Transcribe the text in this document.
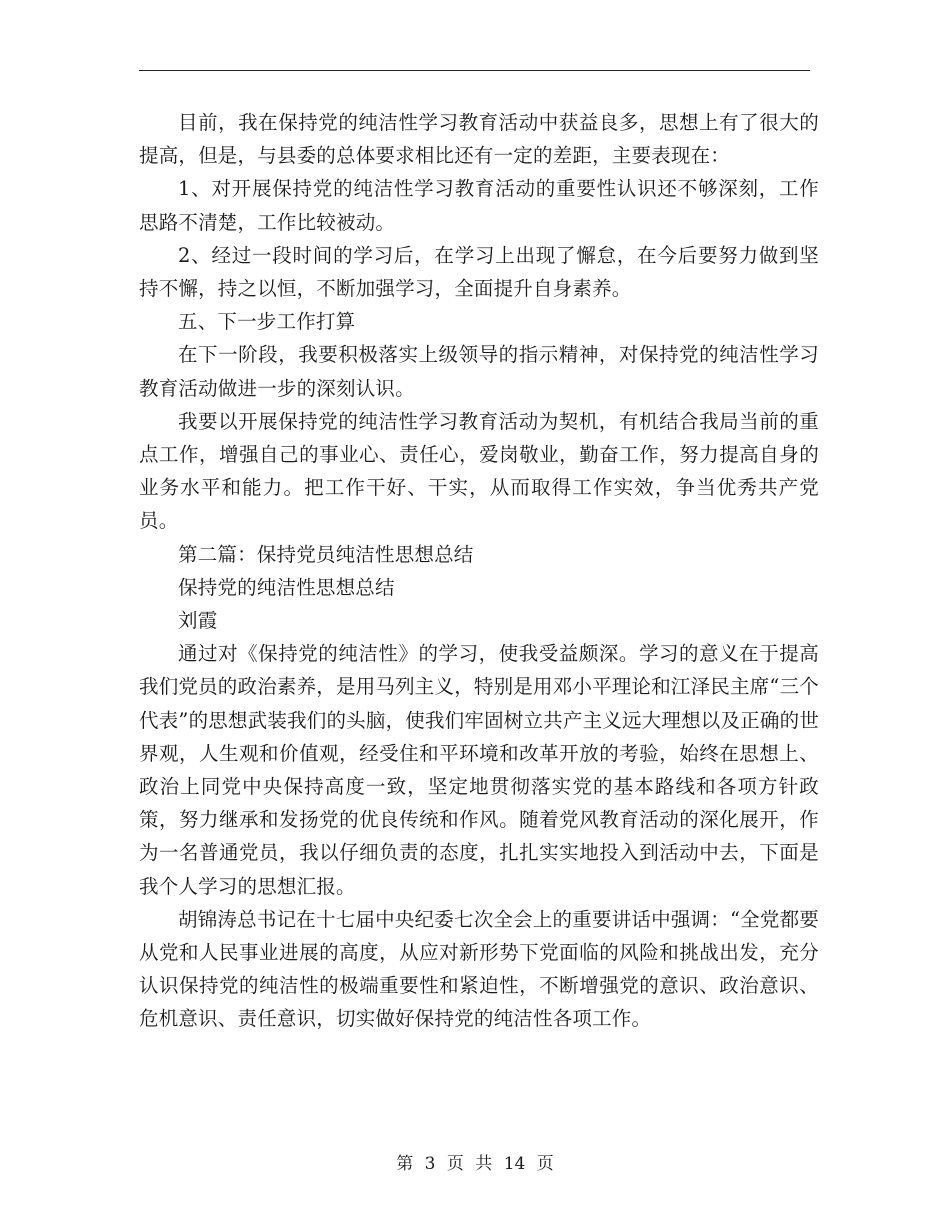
目前，我在保持党的纯洁性学习教育活动中获益良多，思想上有了很大的提高，但是，与县委的总体要求相比还有一定的差距，主要表现在：

1、对开展保持党的纯洁性学习教育活动的重要性认识还不够深刻，工作思路不清楚，工作比较被动。

2、经过一段时间的学习后，在学习上出现了懈怠，在今后要努力做到坚持不懈，持之以恒，不断加强学习，全面提升自身素养。

五、下一步工作打算

在下一阶段，我要积极落实上级领导的指示精神，对保持党的纯洁性学习教育活动做进一步的深刻认识。

我要以开展保持党的纯洁性学习教育活动为契机，有机结合我局当前的重点工作，增强自己的事业心、责任心，爱岗敬业，勤奋工作，努力提高自身的业务水平和能力。把工作干好、干实，从而取得工作实效，争当优秀共产党员。

第二篇：保持党员纯洁性思想总结

保持党的纯洁性思想总结

刘霞

通过对《保持党的纯洁性》的学习，使我受益颇深。学习的意义在于提高我们党员的政治素养，是用马列主义，特别是用邓小平理论和江泽民主席“三个代表”的思想武装我们的头脑，使我们牢固树立共产主义远大理想以及正确的世界观，人生观和价值观，经受住和平环境和改革开放的考验，始终在思想上、政治上同党中央保持高度一致，坚定地贯彻落实党的基本路线和各项方针政策，努力继承和发扬党的优良传统和作风。随着党风教育活动的深化展开，作为一名普通党员，我以仔细负责的态度，扎扎实实地投入到活动中去，下面是我个人学习的思想汇报。

胡锦涛总书记在十七届中央纪委七次全会上的重要讲话中强调：“全党都要从党和人民事业进展的高度，从应对新形势下党面临的风险和挑战出发，充分认识保持党的纯洁性的极端重要性和紧迫性，不断增强党的意识、政治意识、危机意识、责任意识，切实做好保持党的纯洁性各项工作。

第 3 页 共 14 页
